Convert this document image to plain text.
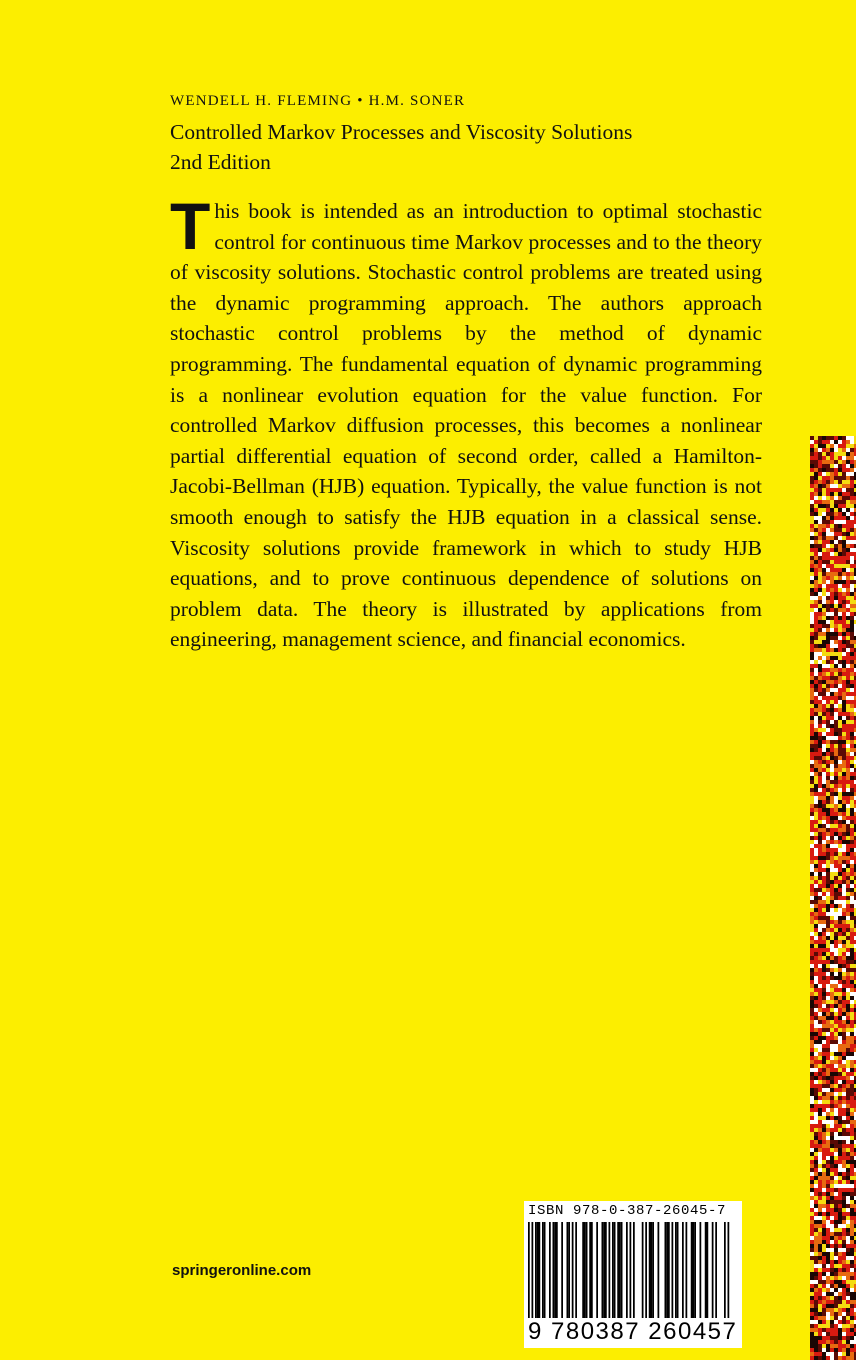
WENDELL H. FLEMING • H.M. SONER
Controlled Markov Processes and Viscosity Solutions
2nd Edition
This book is intended as an introduction to optimal stochastic control for continuous time Markov processes and to the theory of viscosity solutions. Stochastic control problems are treated using the dynamic programming approach. The authors approach stochastic control problems by the method of dynamic programming. The fundamental equation of dynamic programming is a nonlinear evolution equation for the value function. For controlled Markov diffusion processes, this becomes a nonlinear partial differential equation of second order, called a Hamilton-Jacobi-Bellman (HJB) equation. Typically, the value function is not smooth enough to satisfy the HJB equation in a classical sense. Viscosity solutions provide framework in which to study HJB equations, and to prove continuous dependence of solutions on problem data. The theory is illustrated by applications from engineering, management science, and financial economics.
springeronline.com
ISBN 978-0-387-26045-7
9 780387 260457
